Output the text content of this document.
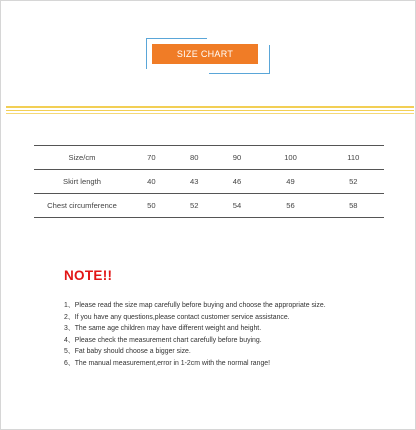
SIZE CHART
Size/cm	70	80	90	100	110
Skirt length	40	43	46	49	52
Chest circumference	50	52	54	56	58
NOTE!!
1、Please read the size map carefully before buying and choose the appropriate size.
2、If you have any questions,please contact customer service assistance.
3、The same age children may have different weight and height.
4、Please check the measurement chart carefully before buying.
5、Fat baby should choose a bigger size.
6、The manual measurement,error in 1-2cm with the normal range!
